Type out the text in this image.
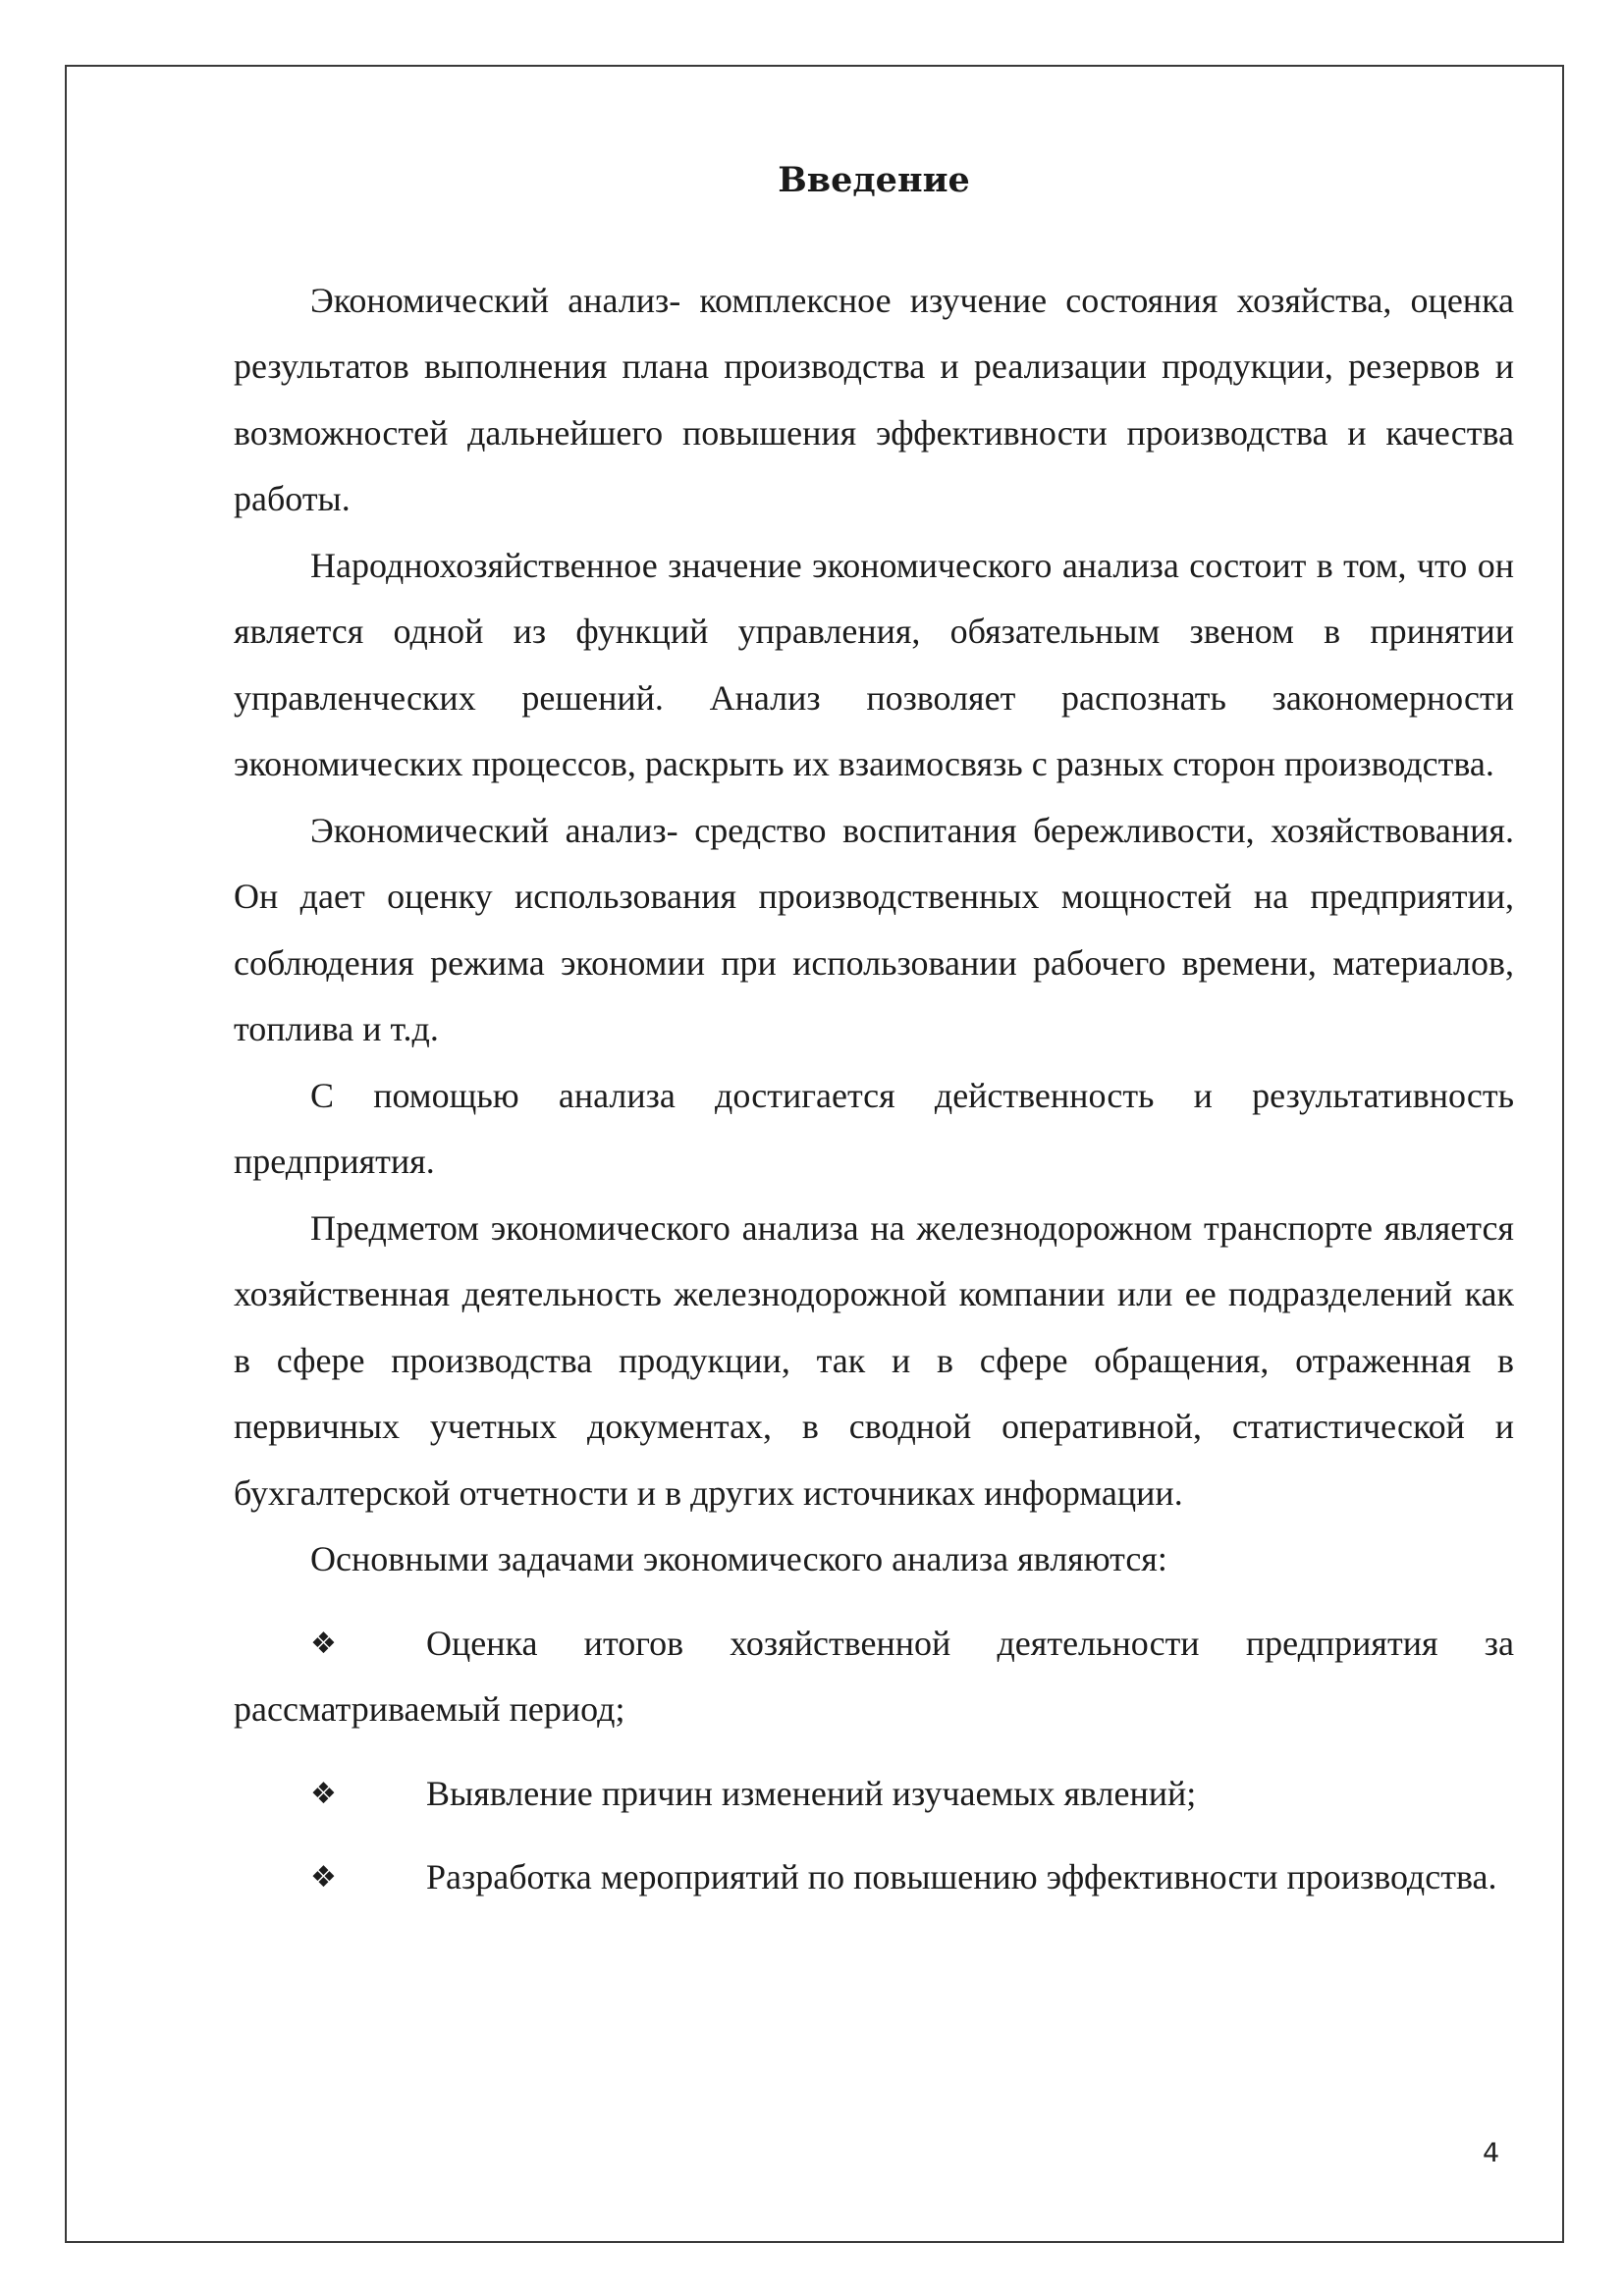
Введение

Экономический анализ- комплексное изучение состояния хозяйства, оценка результатов выполнения плана производства и реализации продукции, резервов и возможностей дальнейшего повышения эффективности производства и качества работы.

Народнохозяйственное значение экономического анализа состоит в том, что он является одной из функций управления, обязательным звеном в принятии управленческих решений. Анализ позволяет распознать закономерности экономических процессов, раскрыть их взаимосвязь с разных сторон производства.

Экономический анализ- средство воспитания бережливости, хозяйствования. Он дает оценку использования производственных мощностей на предприятии, соблюдения режима экономии при использовании рабочего времени, материалов, топлива и т.д.

С помощью анализа достигается действенность и результативность предприятия.

Предметом экономического анализа на железнодорожном транспорте является хозяйственная деятельность железнодорожной компании или ее подразделений как в сфере производства продукции, так и в сфере обращения, отраженная в первичных учетных документах, в сводной оперативной, статистической и бухгалтерской отчетности и в других источниках информации.

Основными задачами экономического анализа являются:

❖	Оценка итогов хозяйственной деятельности предприятия за рассматриваемый период;

❖	Выявление причин изменений изучаемых явлений;

❖	Разработка мероприятий по повышению эффективности производства.

4
